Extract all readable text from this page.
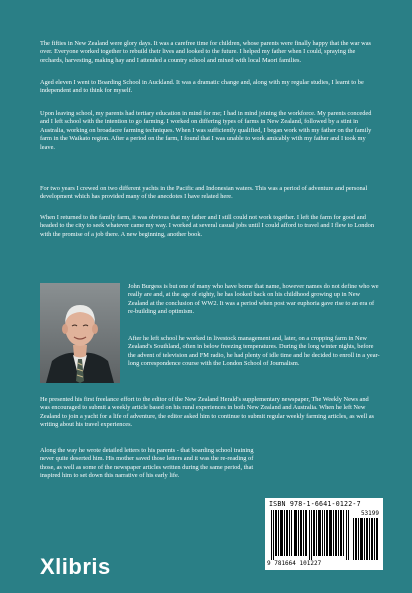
The fifties in New Zealand were glory days. It was a carefree time for children, whose parents were finally happy that the war was over. Everyone worked together to rebuild their lives and looked to the future. I helped my father when I could, spraying the orchards, harvesting, making hay and I attended a country school and mixed with local Maori families.

Aged eleven I went to Boarding School in Auckland. It was a dramatic change and, along with my regular studies, I learnt to be independent and to think for myself.

Upon leaving school, my parents had tertiary education in mind for me; I had in mind joining the workforce. My parents conceded and I left school with the intention to go farming. I worked on differing types of farms in New Zealand, followed by a stint in Australia, working on broadacre farming techniques. When I was sufficiently qualified, I began work with my father on the family farm in the Waikato region. After a period on the farm, I found that I was unable to work amicably with my father and I took my leave.

For two years I crewed on two different yachts in the Pacific and Indonesian waters. This was a period of adventure and personal development which has provided many of the anecdotes I have related here.

When I returned to the family farm, it was obvious that my father and I still could not work together. I left the farm for good and headed to the city to seek whatever came my way. I worked at several casual jobs until I could afford to travel and I flew to London with the promise of a job there. A new beginning, another book.

John Burgess is but one of many who have borne that name, however names do not define who we really are and, at the age of eighty, he has looked back on his childhood growing up in New Zealand at the conclusion of WW2. It was a period when post war euphoria gave rise to an era of re-building and optimism.

After he left school he worked in livestock management and, later, on a cropping farm in New Zealand's Southland, often in below freezing temperatures. During the long winter nights, before the advent of television and FM radio, he had plenty of idle time and he decided to enroll in a year-long correspondence course with the London School of Journalism.

He presented his first freelance effort to the editor of the New Zealand Herald's supplementary newspaper, The Weekly News and was encouraged to submit a weekly article based on his rural experiences in both New Zealand and Australia. When he left New Zealand to join a yacht for a life of adventure, the editor asked him to continue to submit regular weekly farming articles, as well as writing about his travel experiences.

Along the way he wrote detailed letters to his parents - that boarding school training never quite deserted him. His mother saved those letters and it was the re-reading of those, as well as some of the newspaper articles written during the same period, that inspired him to set down this narrative of his early life.

ISBN 978-1-6641-0122-7
53199
9 781664 101227
Xlibris
